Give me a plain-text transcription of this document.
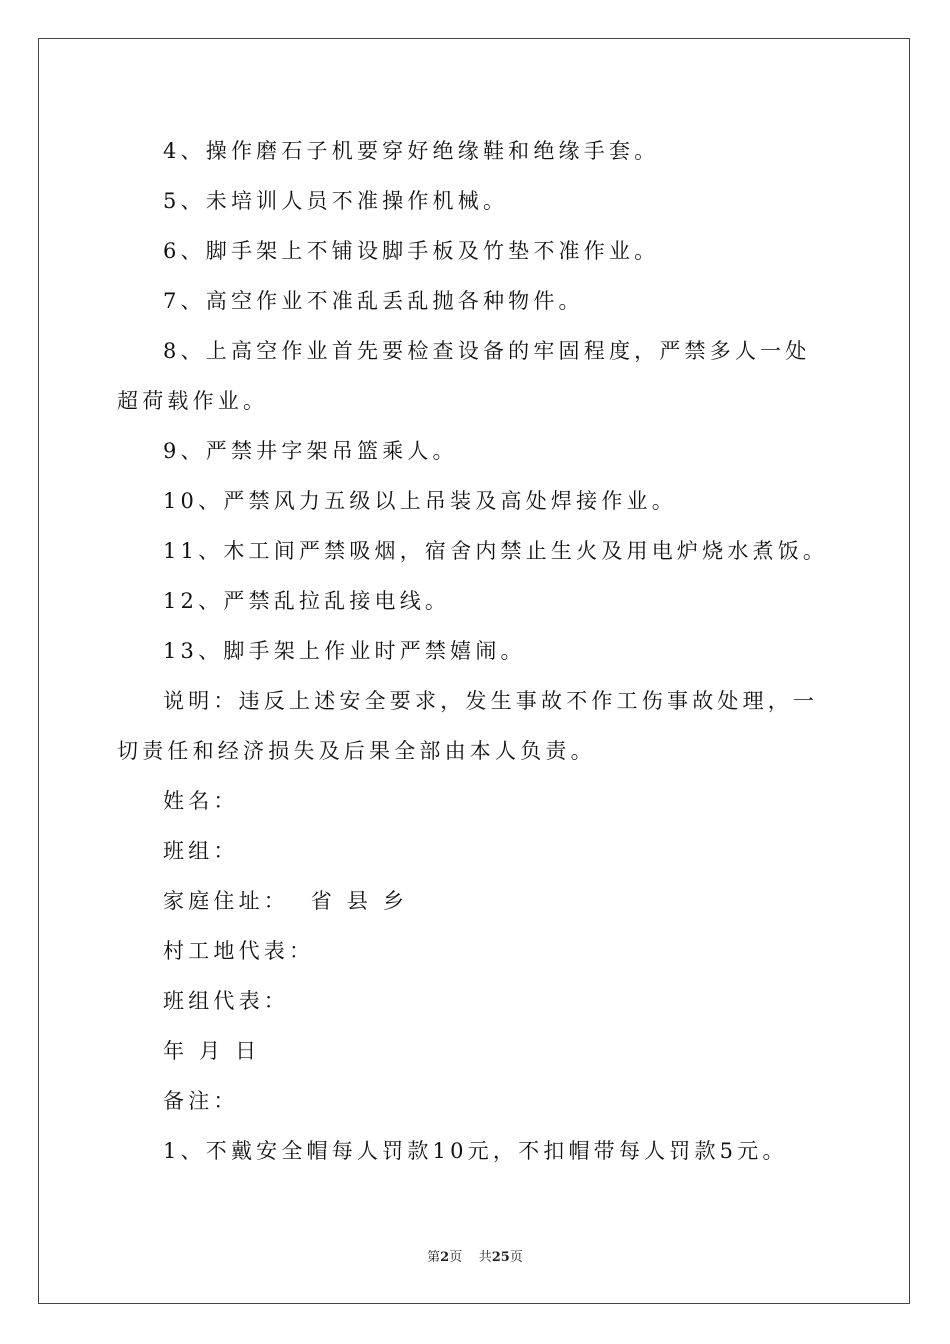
4、操作磨石子机要穿好绝缘鞋和绝缘手套。

5、未培训人员不准操作机械。

6、脚手架上不铺设脚手板及竹垫不准作业。

7、高空作业不准乱丢乱抛各种物件。

8、上高空作业首先要检查设备的牢固程度，严禁多人一处超荷载作业。

9、严禁井字架吊篮乘人。

10、严禁风力五级以上吊装及高处焊接作业。

11、木工间严禁吸烟，宿舍内禁止生火及用电炉烧水煮饭。

12、严禁乱拉乱接电线。

13、脚手架上作业时严禁嬉闹。

说明：违反上述安全要求，发生事故不作工伤事故处理，一切责任和经济损失及后果全部由本人负责。

姓名：

班组：

家庭住址：  省 县 乡

村工地代表：

班组代表：

年 月 日

备注：

1、不戴安全帽每人罚款10元，不扣帽带每人罚款5元。

第2页 共25页
